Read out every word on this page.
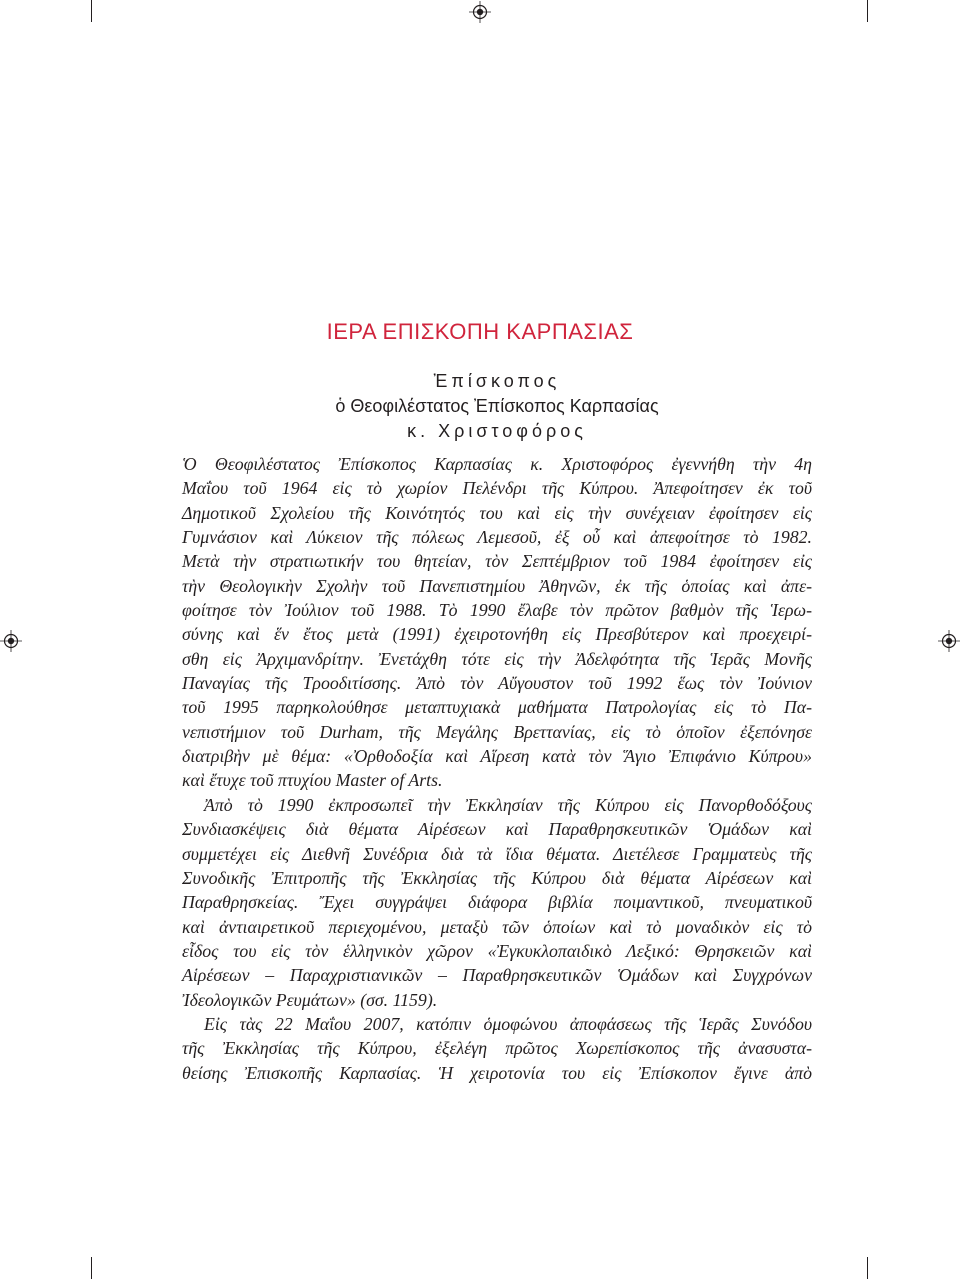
ΙΕΡΑ ΕΠΙΣΚΟΠΗ ΚΑΡΠΑΣΙΑΣ
Ἐπίσκοπος
ὁ Θεοφιλέστατος Ἐπίσκοπος Καρπασίας
κ. Χριστοφόρος
Ὁ Θεοφιλέστατος Ἐπίσκοπος Καρπασίας κ. Χριστοφόρος ἐγεννήθη τὴν 4η
Μαΐου τοῦ 1964 εἰς τὸ χωρίον Πελένδρι τῆς Κύπρου. Ἀπεφοίτησεν ἐκ τοῦ
Δημοτικοῦ Σχολείου τῆς Κοινότητός του καὶ εἰς τὴν συνέχειαν ἐφοίτησεν εἰς
Γυμνάσιον καὶ Λύκειον τῆς πόλεως Λεμεσοῦ, ἐξ οὗ καὶ ἀπεφοίτησε τὸ 1982.
Μετὰ τὴν στρατιωτικήν του θητείαν, τὸν Σεπτέμβριον τοῦ 1984 ἐφοίτησεν εἰς
τὴν Θεολογικὴν Σχολὴν τοῦ Πανεπιστημίου Ἀθηνῶν, ἐκ τῆς ὁποίας καὶ ἀπε-
φοίτησε τὸν Ἰούλιον τοῦ 1988. Τὸ 1990 ἔλαβε τὸν πρῶτον βαθμὸν τῆς Ἱερω-
σύνης καὶ ἕν ἔτος μετὰ (1991) ἐχειροτονήθη εἰς Πρεσβύτερον καὶ προεχειρί-
σθη εἰς Ἀρχιμανδρίτην. Ἐνετάχθη τότε εἰς τὴν Ἀδελφότητα τῆς Ἱερᾶς Μονῆς
Παναγίας τῆς Τροοδιτίσσης. Ἀπὸ τὸν Αὔγουστον τοῦ 1992 ἕως τὸν Ἰούνιον
τοῦ 1995 παρηκολούθησε μεταπτυχιακὰ μαθήματα Πατρολογίας εἰς τὸ Πα-
νεπιστήμιον τοῦ Durham, τῆς Μεγάλης Βρεττανίας, εἰς τὸ ὁποῖον ἐξεπόνησε
διατριβὴν μὲ θέμα: «Ὀρθοδοξία καὶ Αἵρεση κατὰ τὸν Ἅγιο Ἐπιφάνιο Κύπρου»
καὶ ἔτυχε τοῦ πτυχίου Master of Arts.
Ἀπὸ τὸ 1990 ἐκπροσωπεῖ τὴν Ἐκκλησίαν τῆς Κύπρου εἰς Πανορθοδόξους
Συνδιασκέψεις διὰ θέματα Αἱρέσεων καὶ Παραθρησκευτικῶν Ὁμάδων καὶ
συμμετέχει εἰς Διεθνῆ Συνέδρια διὰ τὰ ἴδια θέματα. Διετέλεσε Γραμματεὺς τῆς
Συνοδικῆς Ἐπιτροπῆς τῆς Ἐκκλησίας τῆς Κύπρου διὰ θέματα Αἱρέσεων καὶ
Παραθρησκείας. Ἔχει συγγράψει διάφορα βιβλία ποιμαντικοῦ, πνευματικοῦ
καὶ ἀντιαιρετικοῦ περιεχομένου, μεταξὺ τῶν ὁποίων καὶ τὸ μοναδικὸν εἰς τὸ
εἶδος του εἰς τὸν ἑλληνικὸν χῶρον «Ἐγκυκλοπαιδικὸ Λεξικό: Θρησκειῶν καὶ
Αἱρέσεων – Παραχριστιανικῶν – Παραθρησκευτικῶν Ὁμάδων καὶ Συγχρόνων
Ἰδεολογικῶν Ρευμάτων» (σσ. 1159).
Εἰς τὰς 22 Μαΐου 2007, κατόπιν ὁμοφώνου ἀποφάσεως τῆς Ἱερᾶς Συνόδου
τῆς Ἐκκλησίας τῆς Κύπρου, ἐξελέγη πρῶτος Χωρεπίσκοπος τῆς ἀνασυστα-
θείσης Ἐπισκοπῆς Καρπασίας. Ἡ χειροτονία του εἰς Ἐπίσκοπον ἔγινε ἀπὸ
